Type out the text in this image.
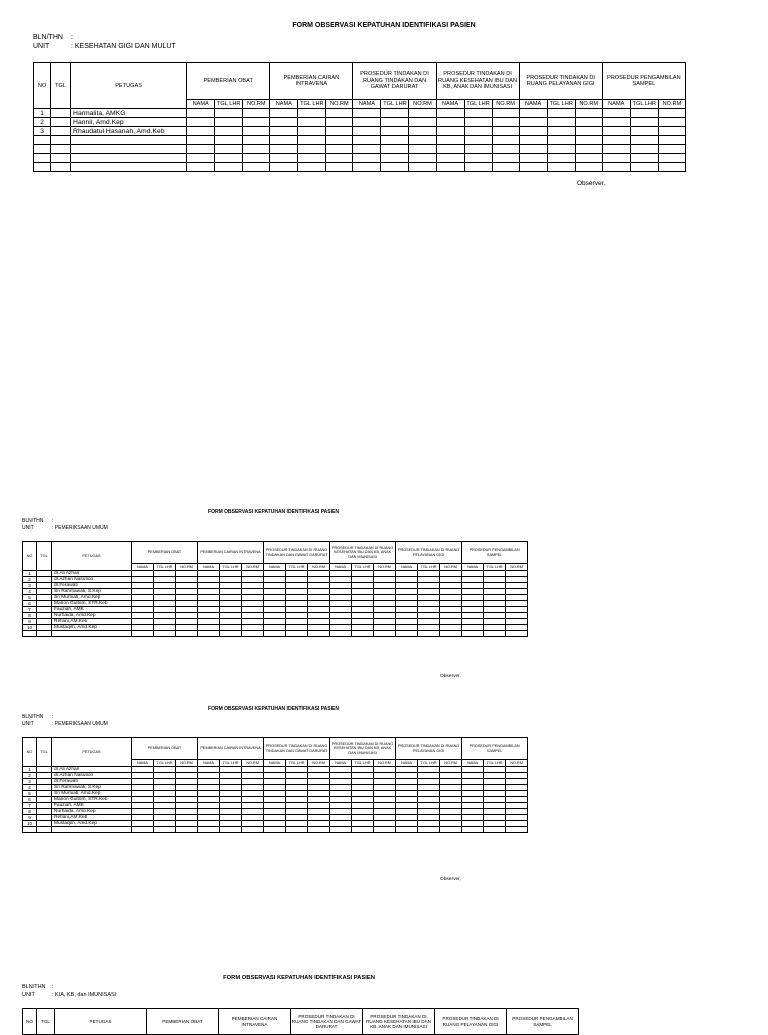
FORM OBSERVASI KEPATUHAN IDENTIFIKASI PASIEN
BLN/THN :
UNIT	: KESEHATAN GIGI DAN MULUT
NO	TGL	PETUGAS	PEMBERIAN OBAT			PEMBERIAN CAIRAN INTRAVENA			PROSEDUR TINDAKAN DI RUANG TINDAKAN DAN GAWAT DARURAT			PROSEDUR TINDAKAN DI RUANG KESEHATAN IBU DAN KB, ANAK DAN IMUNISASI			PROSEDUR TINDAKAN DI RUANG PELAYANAN GIGI			PROSEDUR PENGAMBILAN SAMPEL		
			NAMA	TGL LHR	NO.RM	NAMA	TGL LHR	NO.RM	NAMA	TGL LHR	NO.RM	NAMA	TGL LHR	NO.RM	NAMA	TGL LHR	NO.RM	NAMA	TGL LHR	NO.RM
1		Harmalita, AMKG																		
2		Hannil, Amd.Kep																		
3		Rhaudatul Hasanah, Amd.Keb																		

Observer,
FORM OBSERVASI KEPATUHAN IDENTIFIKASI PASIEN
BLN/THN :
UNIT	: PEMERIKSAAN UMUM
NO	TGL	PETUGAS	PEMBERIAN OBAT			PEMBERIAN CAIRAN INTRAVENA			PROSEDUR TINDAKAN DI RUANG TINDAKAN DAN GAWAT DARURAT			PROSEDUR TINDAKAN DI RUANG KESEHATAN IBU DAN KB, ANAK DAN IMUNISASI			PROSEDUR TINDAKAN DI RUANG PELAYANAN GIGI			PROSEDUR PENGAMBILAN SAMPEL		
			NAMA	TGL LHR	NO.RM	NAMA	TGL LHR	NO.RM	NAMA	TGL LHR	NO.RM	NAMA	TGL LHR	NO.RM	NAMA	TGL LHR	NO.RM	NAMA	TGL LHR	NO.RM
1		dr.Ali Azhari																		
2		dr.Azhari Nasution																		
3		dr.Ferawati																		
4		Sri Rahmawati, S.Kep																		
5		Sri Murniati, Amd.Kep																		
6		Marion Gultom, STR.Keb																		
7		Fauziah, AMK																		
8		Nurhaida, Amd.Kep																		
9		Refiani,AM.Keb																		
10		Mustaqim, Amd.Kep																		

Observer,
FORM OBSERVASI KEPATUHAN IDENTIFIKASI PASIEN
BLN/THN :
UNIT	: PEMERIKSAAN UMUM
NO	TGL	PETUGAS	PEMBERIAN OBAT			PEMBERIAN CAIRAN INTRAVENA			PROSEDUR TINDAKAN DI RUANG TINDAKAN DAN GAWAT DARURAT			PROSEDUR TINDAKAN DI RUANG KESEHATAN IBU DAN KB, ANAK DAN IMUNISASI			PROSEDUR TINDAKAN DI RUANG PELAYANAN GIGI			PROSEDUR PENGAMBILAN SAMPEL		
			NAMA	TGL LHR	NO.RM	NAMA	TGL LHR	NO.RM	NAMA	TGL LHR	NO.RM	NAMA	TGL LHR	NO.RM	NAMA	TGL LHR	NO.RM	NAMA	TGL LHR	NO.RM
1		dr.Ali Azhari																		
2		dr.Azhari Nasution																		
3		dr.Ferawati																		
4		Sri Rahmawati, S.Kep																		
5		Sri Murniati, Amd.Kep																		
6		Marion Gultom, STR.Keb																		
7		Fauziah, AMK																		
8		Nurhaida, Amd.Kep																		
9		Refiani,AM.Keb																		
10		Mustaqim, Amd.Kep																		

Observer,
FORM OBSERVASI KEPATUHAN IDENTIFIKASI PASIEN
BLN/THN :
UNIT	: KIA, KB, dan IMUNISASI
NO	TGL	PETUGAS	PEMBERIAN OBAT	PEMBERIAN CAIRAN INTRAVENA	PROSEDUR TINDAKAN DI RUANG TINDAKAN DAN GAWAT DARURAT	PROSEDUR TINDAKAN DI RUANG KESEHATAN IBU DAN KB, ANAK DAN IMUNISASI	PROSEDUR TINDAKAN DI RUANG PELAYANAN GIGI	PROSEDUR PENGAMBILAN SAMPEL
